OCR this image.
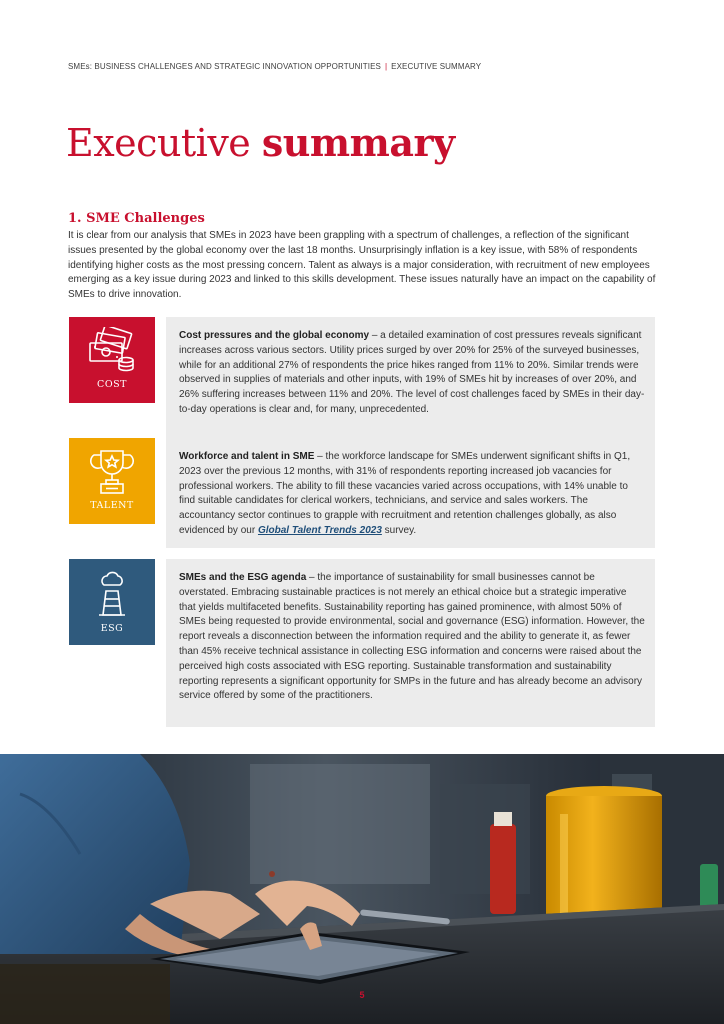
SMEs: BUSINESS CHALLENGES AND STRATEGIC INNOVATION OPPORTUNITIES | EXECUTIVE SUMMARY
Executive summary
1. SME Challenges

It is clear from our analysis that SMEs in 2023 have been grappling with a spectrum of challenges, a reflection of the significant issues presented by the global economy over the last 18 months. Unsurprisingly inflation is a key issue, with 58% of respondents identifying higher costs as the most pressing concern. Talent as always is a major consideration, with recruitment of new employees emerging as a key issue during 2023 and linked to this skills development. These issues naturally have an impact on the capability of SMEs to drive innovation.

COST

Cost pressures and the global economy – a detailed examination of cost pressures reveals significant increases across various sectors. Utility prices surged by over 20% for 25% of the surveyed businesses, while for an additional 27% of respondents the price hikes ranged from 11% to 20%. Similar trends were observed in supplies of materials and other inputs, with 19% of SMEs hit by increases of over 20%, and 26% suffering increases between 11% and 20%. The level of cost challenges faced by SMEs in their day-to-day operations is clear and, for many, unprecedented.

TALENT

Workforce and talent in SME – the workforce landscape for SMEs underwent significant shifts in Q1, 2023 over the previous 12 months, with 31% of respondents reporting increased job vacancies for professional workers. The ability to fill these vacancies varied across occupations, with 14% unable to find suitable candidates for clerical workers, technicians, and service and sales workers. The accountancy sector continues to grapple with recruitment and retention challenges globally, as also evidenced by our Global Talent Trends 2023 survey.

ESG

SMEs and the ESG agenda – the importance of sustainability for small businesses cannot be overstated. Embracing sustainable practices is not merely an ethical choice but a strategic imperative that yields multifaceted benefits. Sustainability reporting has gained prominence, with almost 50% of SMEs being requested to provide environmental, social and governance (ESG) information. However, the report reveals a disconnection between the information required and the ability to generate it, as fewer than 45% receive technical assistance in collecting ESG information and concerns were raised about the perceived high costs associated with ESG reporting. Sustainable transformation and sustainability reporting represents a significant opportunity for SMPs in the future and has already become an advisory service offered by some of the practitioners.

5
